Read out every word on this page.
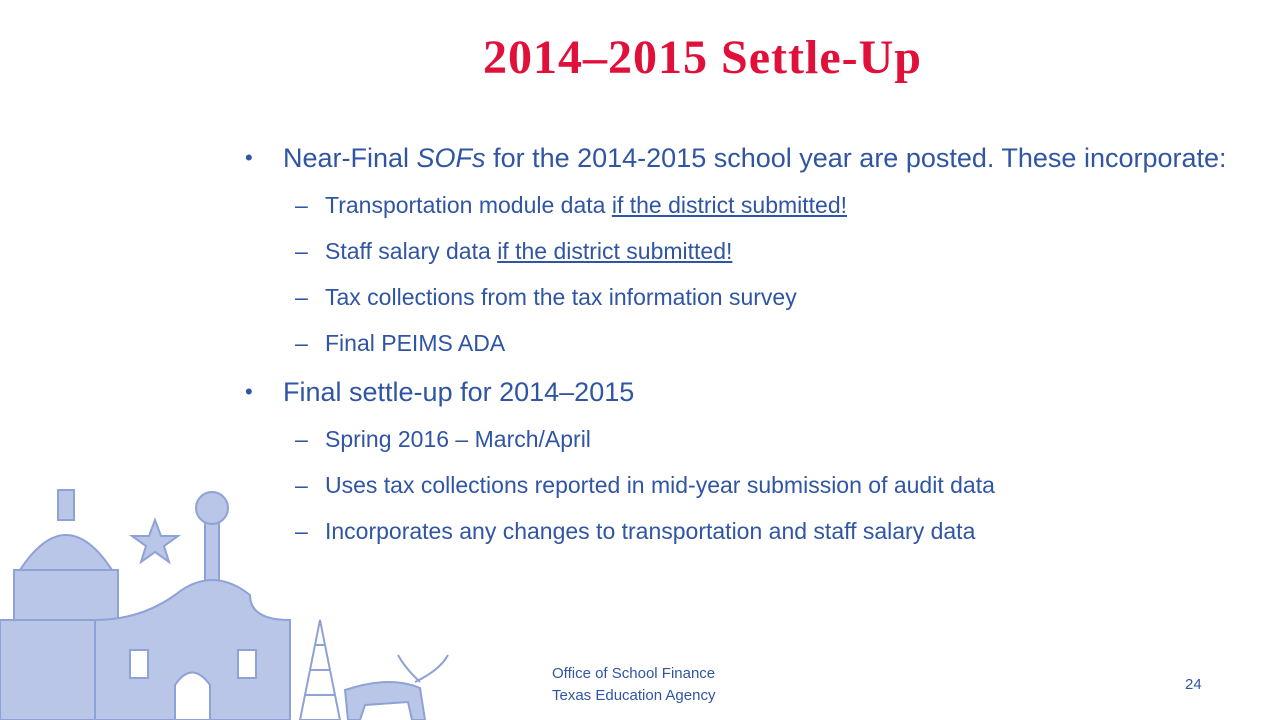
2014–2015 Settle-Up
• Near-Final SOFs for the 2014-2015 school year are posted. These incorporate:
– Transportation module data if the district submitted!
– Staff salary data if the district submitted!
– Tax collections from the tax information survey
– Final PEIMS ADA
• Final settle-up for 2014–2015
– Spring 2016 – March/April
– Uses tax collections reported in mid-year submission of audit data
– Incorporates any changes to transportation and staff salary data
Office of School Finance
Texas Education Agency
24
